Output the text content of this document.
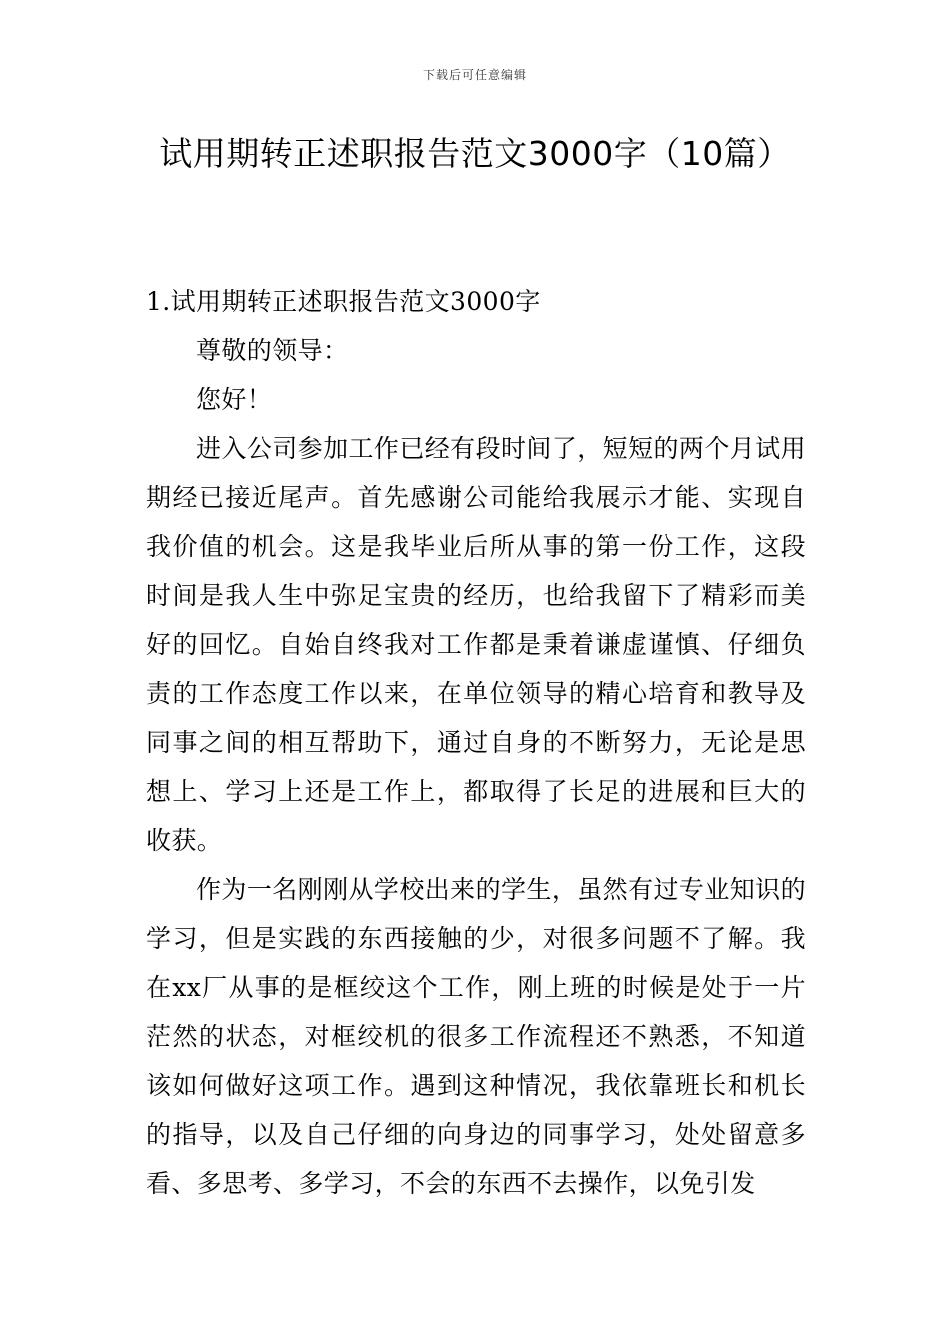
下载后可任意编辑
试用期转正述职报告范文3000字（10篇）
1.试用期转正述职报告范文3000字

尊敬的领导：

您好！

进入公司参加工作已经有段时间了，短短的两个月试用期经已接近尾声。首先感谢公司能给我展示才能、实现自我价值的机会。这是我毕业后所从事的第一份工作，这段时间是我人生中弥足宝贵的经历，也给我留下了精彩而美好的回忆。自始自终我对工作都是秉着谦虚谨慎、仔细负责的工作态度工作以来，在单位领导的精心培育和教导及同事之间的相互帮助下，通过自身的不断努力，无论是思想上、学习上还是工作上，都取得了长足的进展和巨大的收获。

作为一名刚刚从学校出来的学生，虽然有过专业知识的学习，但是实践的东西接触的少，对很多问题不了解。我在xx厂从事的是框绞这个工作，刚上班的时候是处于一片茫然的状态，对框绞机的很多工作流程还不熟悉，不知道该如何做好这项工作。遇到这种情况，我依靠班长和机长的指导，以及自己仔细的向身边的同事学习，处处留意多看、多思考、多学习，不会的东西不去操作，以免引发
